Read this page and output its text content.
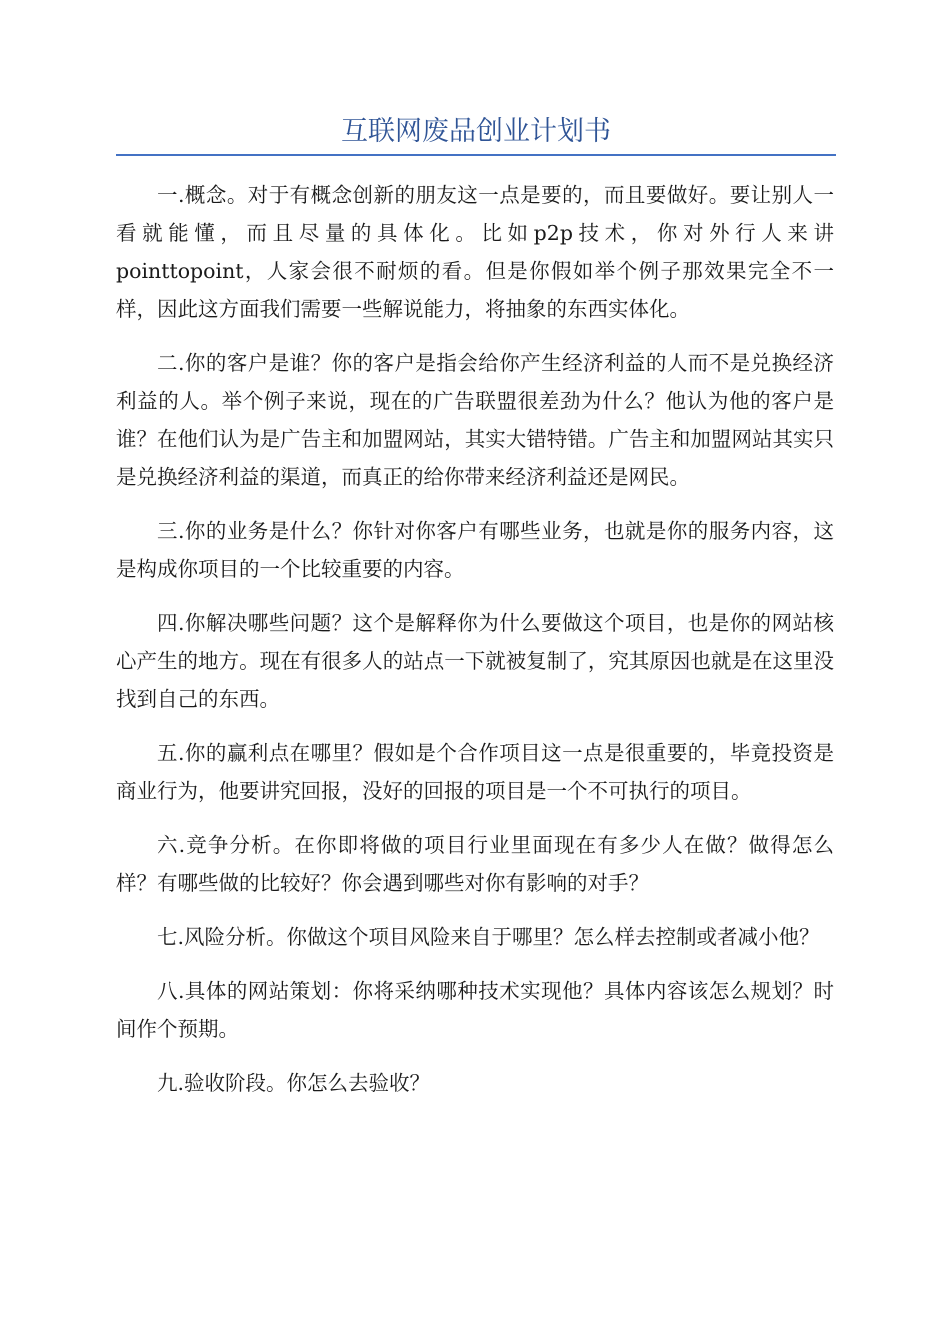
互联网废品创业计划书

一.概念。对于有概念创新的朋友这一点是要的，而且要做好。要让别人一看就能懂，而且尽量的具体化。比如p2p技术，你对外行人来讲pointtopoint，人家会很不耐烦的看。但是你假如举个例子那效果完全不一样，因此这方面我们需要一些解说能力，将抽象的东西实体化。

二.你的客户是谁？你的客户是指会给你产生经济利益的人而不是兑换经济利益的人。举个例子来说，现在的广告联盟很差劲为什么？他认为他的客户是谁？在他们认为是广告主和加盟网站，其实大错特错。广告主和加盟网站其实只是兑换经济利益的渠道，而真正的给你带来经济利益还是网民。

三.你的业务是什么？你针对你客户有哪些业务，也就是你的服务内容，这是构成你项目的一个比较重要的内容。

四.你解决哪些问题？这个是解释你为什么要做这个项目，也是你的网站核心产生的地方。现在有很多人的站点一下就被复制了，究其原因也就是在这里没找到自己的东西。

五.你的赢利点在哪里？假如是个合作项目这一点是很重要的，毕竟投资是商业行为，他要讲究回报，没好的回报的项目是一个不可执行的项目。

六.竞争分析。在你即将做的项目行业里面现在有多少人在做？做得怎么样？有哪些做的比较好？你会遇到哪些对你有影响的对手？

七.风险分析。你做这个项目风险来自于哪里？怎么样去控制或者减小他？

八.具体的网站策划：你将采纳哪种技术实现他？具体内容该怎么规划？时间作个预期。

九.验收阶段。你怎么去验收？
